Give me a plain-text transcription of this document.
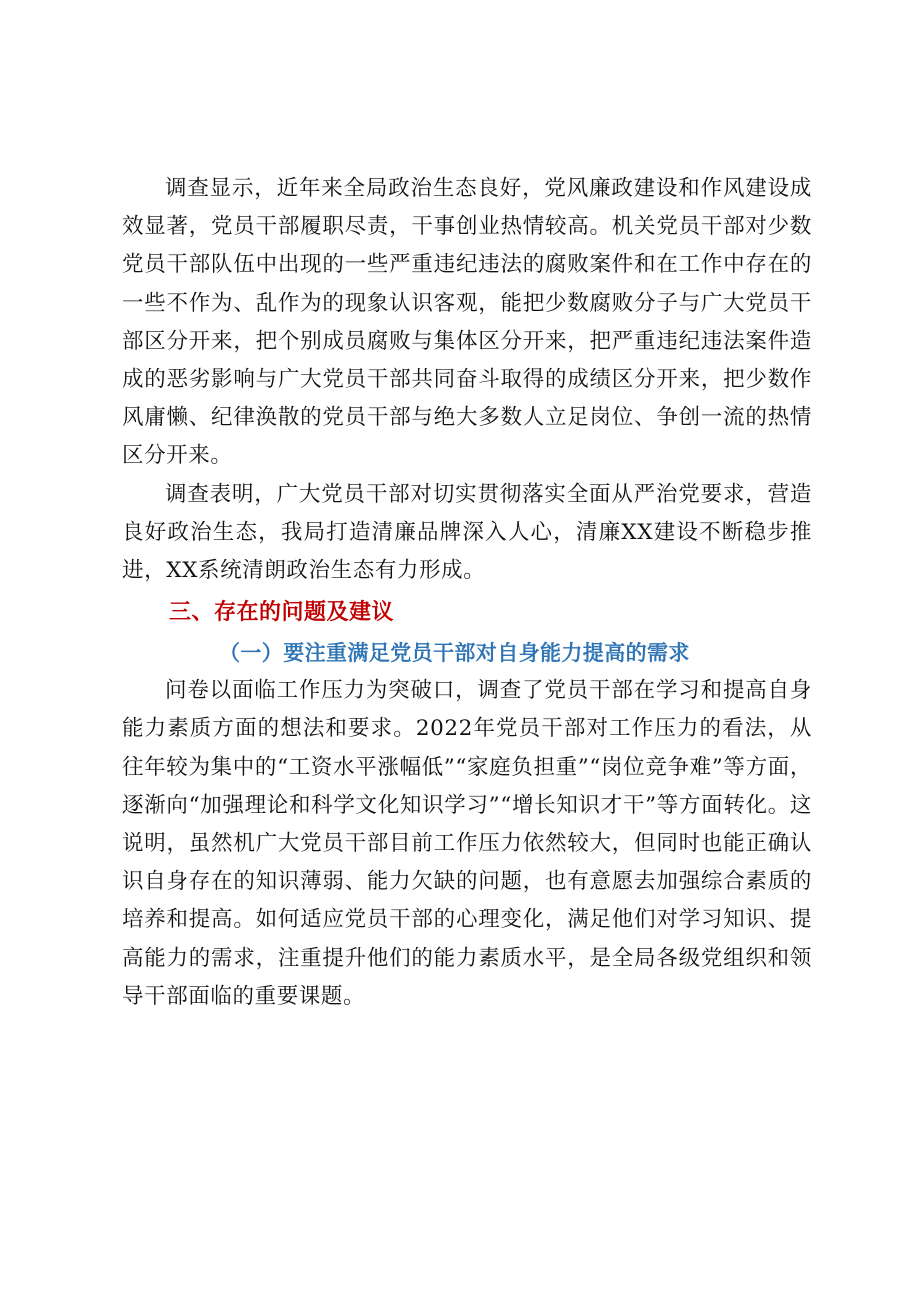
调查显示，近年来全局政治生态良好，党风廉政建设和作风建设成效显著，党员干部履职尽责，干事创业热情较高。机关党员干部对少数党员干部队伍中出现的一些严重违纪违法的腐败案件和在工作中存在的一些不作为、乱作为的现象认识客观，能把少数腐败分子与广大党员干部区分开来，把个别成员腐败与集体区分开来，把严重违纪违法案件造成的恶劣影响与广大党员干部共同奋斗取得的成绩区分开来，把少数作风庸懒、纪律涣散的党员干部与绝大多数人立足岗位、争创一流的热情区分开来。

调查表明，广大党员干部对切实贯彻落实全面从严治党要求，营造良好政治生态，我局打造清廉品牌深入人心，清廉XX建设不断稳步推进，XX系统清朗政治生态有力形成。

三、存在的问题及建议
（一）要注重满足党员干部对自身能力提高的需求

问卷以面临工作压力为突破口，调查了党员干部在学习和提高自身能力素质方面的想法和要求。2022年党员干部对工作压力的看法，从往年较为集中的“工资水平涨幅低”“家庭负担重”“岗位竞争难”等方面，逐渐向“加强理论和科学文化知识学习”“增长知识才干”等方面转化。这说明，虽然机广大党员干部目前工作压力依然较大，但同时也能正确认识自身存在的知识薄弱、能力欠缺的问题，也有意愿去加强综合素质的培养和提高。如何适应党员干部的心理变化，满足他们对学习知识、提高能力的需求，注重提升他们的能力素质水平，是全局各级党组织和领导干部面临的重要课题。
